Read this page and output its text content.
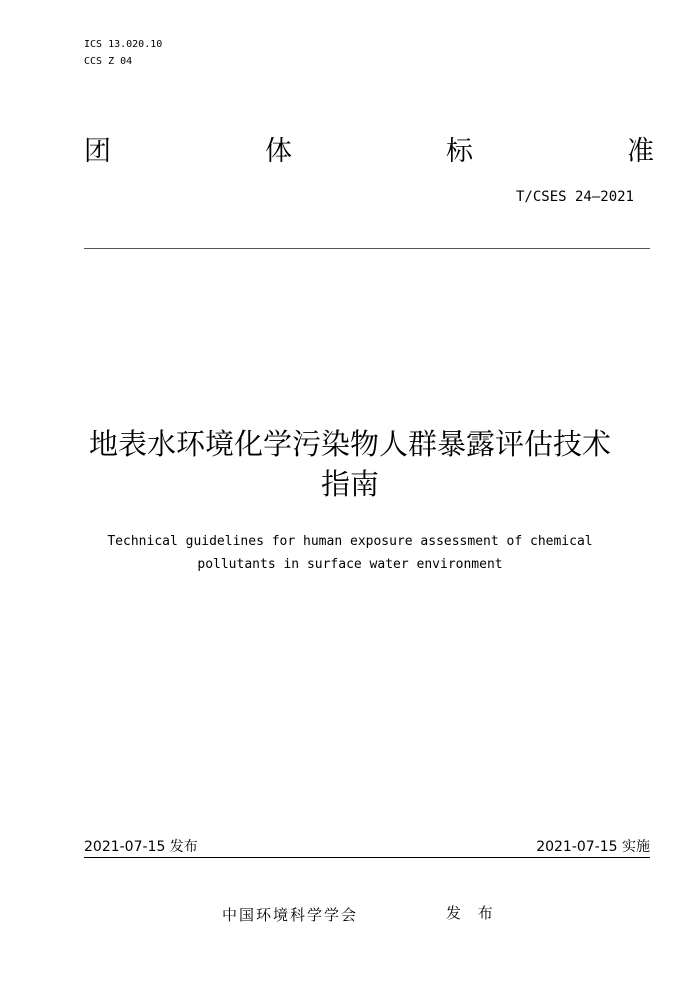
ICS 13.020.10
CCS Z 04
团	体	标	准
T/CSES 24—2021
地表水环境化学污染物人群暴露评估技术
指南
Technical guidelines for human exposure assessment of chemical
pollutants in surface water environment
2021-07-15 发布	2021-07-15 实施
中国环境科学学会	发 布
